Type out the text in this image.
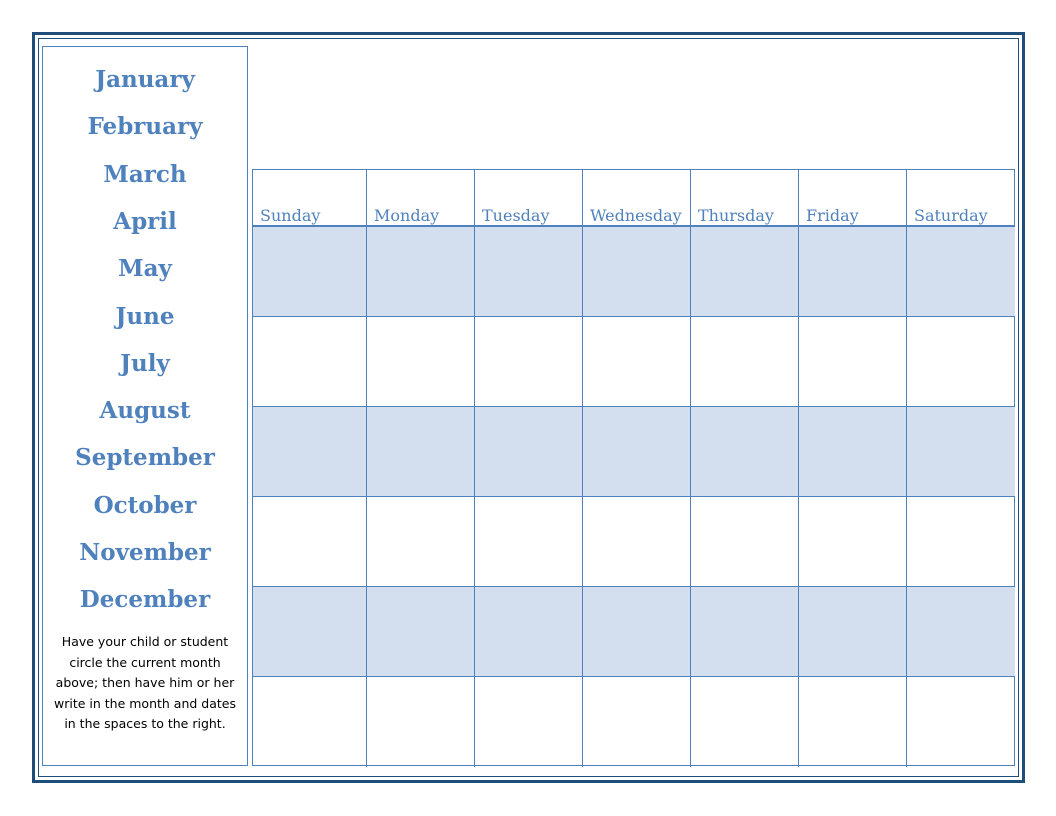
January
February
March
April
May
June
July
August
September
October
November
December
Have your child or student circle the current month above; then have him or her write in the month and dates in the spaces to the right.
Sunday	Monday	Tuesday	Wednesday Thursday Friday	Saturday
